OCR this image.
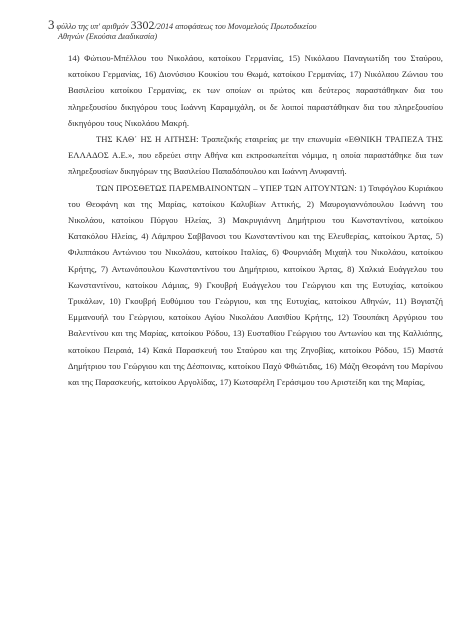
3 φύλλο της υπ' αριθμόν 3302/2014 αποφάσεως του Μονομελούς Πρωτοδικείου
Αθηνών (Εκούσια Διαδικασία)

14) Φώτιου-Μπέλλου του Νικολάου, κατοίκου Γερμανίας, 15) Νικόλαου Παναγιωτίδη του Σταύρου, κατοίκου Γερμανίας, 16) Διονύσιου Κουκίου του Θωμά, κατοίκου Γερμανίας, 17) Νικόλαου Ζώνιου του Βασιλείου κατοίκου Γερμανίας, εκ των οποίων οι πρώτος και δεύτερος παραστάθηκαν δια του πληρεξουσίου δικηγόρου τους Ιωάννη Καραμιχάλη, οι δε λοιποί παραστάθηκαν δια του πληρεξουσίου δικηγόρου τους Νικολάου Μακρή.

ΤΗΣ ΚΑΘ΄ ΗΣ Η ΑΙΤΗΣΗ: Τραπεζικής εταιρείας με την επωνυμία «ΕΘΝΙΚΗ ΤΡΑΠΕΖΑ ΤΗΣ ΕΛΛΑΔΟΣ Α.Ε.», που εδρεύει στην Αθήνα και εκπροσωπείται νόμιμα, η οποία παραστάθηκε δια των πληρεξουσίων δικηγόρων της Βασιλείου Παπαδόπουλου και Ιωάννη Ανυφαντή.

ΤΩΝ ΠΡΟΣΘΕΤΩΣ ΠΑΡΕΜΒΑΙΝΟΝΤΩΝ – ΥΠΕΡ ΤΩΝ ΑΙΤΟΥΝΤΩΝ: 1) Τσιφόγλου Κυριάκου του Θεοφάνη και της Μαρίας, κατοίκου Καλυβίων Αττικής, 2) Μαυρογιαννόπουλου Ιωάννη του Νικολάου, κατοίκου Πύργου Ηλείας, 3) Μακρυγιάννη Δημήτριου του Κωνσταντίνου, κατοίκου Κατακόλου Ηλείας, 4) Λάμπρου Σαββανοσι του Κωνσταντίνου και της Ελευθερίας, κατοίκου Άρτας, 5) Φιλιππάκου Αντώνιου του Νικολάου, κατοίκου Ιταλίας, 6) Φουρνιάδη Μιχαήλ του Νικολάου, κατοίκου Κρήτης, 7) Αντωνόπουλου Κωνσταντίνου του Δημήτριου, κατοίκου Άρτας, 8) Χαλκιά Ευάγγελου του Κωνσταντίνου, κατοίκου Λάμιας, 9) Γκουβρή Ευάγγελου του Γεώργιου και της Ευτυχίας, κατοίκου Τρικάλων, 10) Γκουβρή Ευθύμιου του Γεώργιου, και της Ευτυχίας, κατοίκου Αθηνών, 11) Βογιατζή Εμμανουήλ του Γεώργιου, κατοίκου Αγίου Νικολάου Λασιθίου Κρήτης, 12) Τσουπάκη Αργύριου του Βαλεντίνου και της Μαρίας, κατοίκου Ρόδου, 13) Ευσταθίου Γεώργιου του Αντωνίου και της Καλλιόπης, κατοίκου Πειραιά, 14) Κακά Παρασκευή του Σταύρου και της Ζηνοβίας, κατοίκου Ρόδου, 15) Μαστά Δημήτριου του Γεώργιου και της Δέσποινας, κατοίκου Παχύ Φθιώτιδας, 16) Μάζη Θεοφάνη του Μαρίνου και της Παρασκευής, κατοίκου Αργολίδας, 17) Κωτσαρέλη Γεράσιμου του Αριστείδη και της Μαρίας,
